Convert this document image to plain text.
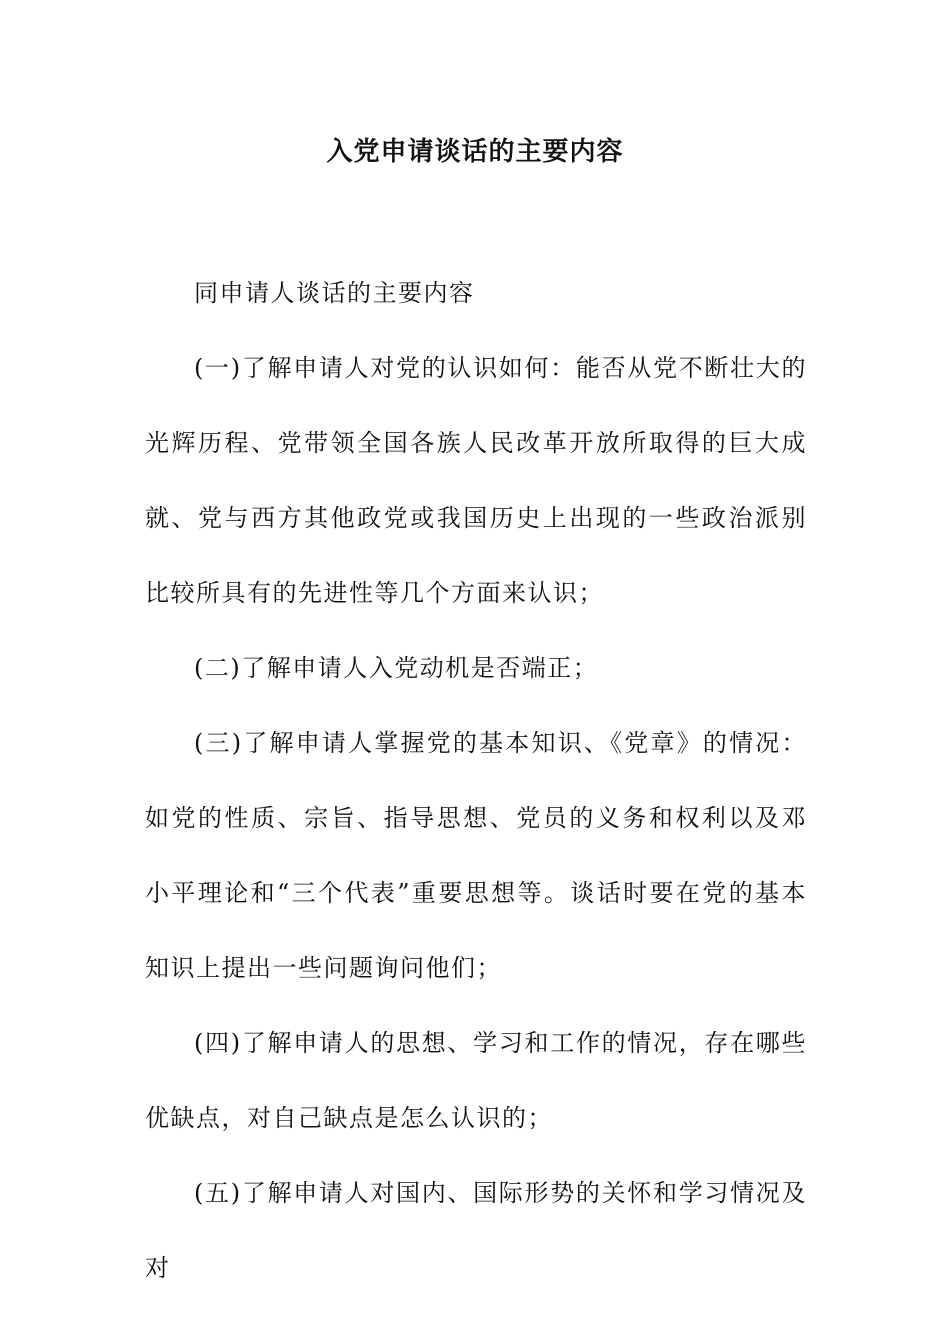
入党申请谈话的主要内容

同申请人谈话的主要内容

(一)了解申请人对党的认识如何：能否从党不断壮大的光辉历程、党带领全国各族人民改革开放所取得的巨大成就、党与西方其他政党或我国历史上出现的一些政治派别比较所具有的先进性等几个方面来认识；

(二)了解申请人入党动机是否端正；

(三)了解申请人掌握党的基本知识、《党章》的情况：如党的性质、宗旨、指导思想、党员的义务和权利以及邓小平理论和“三个代表”重要思想等。谈话时要在党的基本知识上提出一些问题询问他们；

(四)了解申请人的思想、学习和工作的情况，存在哪些优缺点，对自己缺点是怎么认识的；

(五)了解申请人对国内、国际形势的关怀和学习情况及对
